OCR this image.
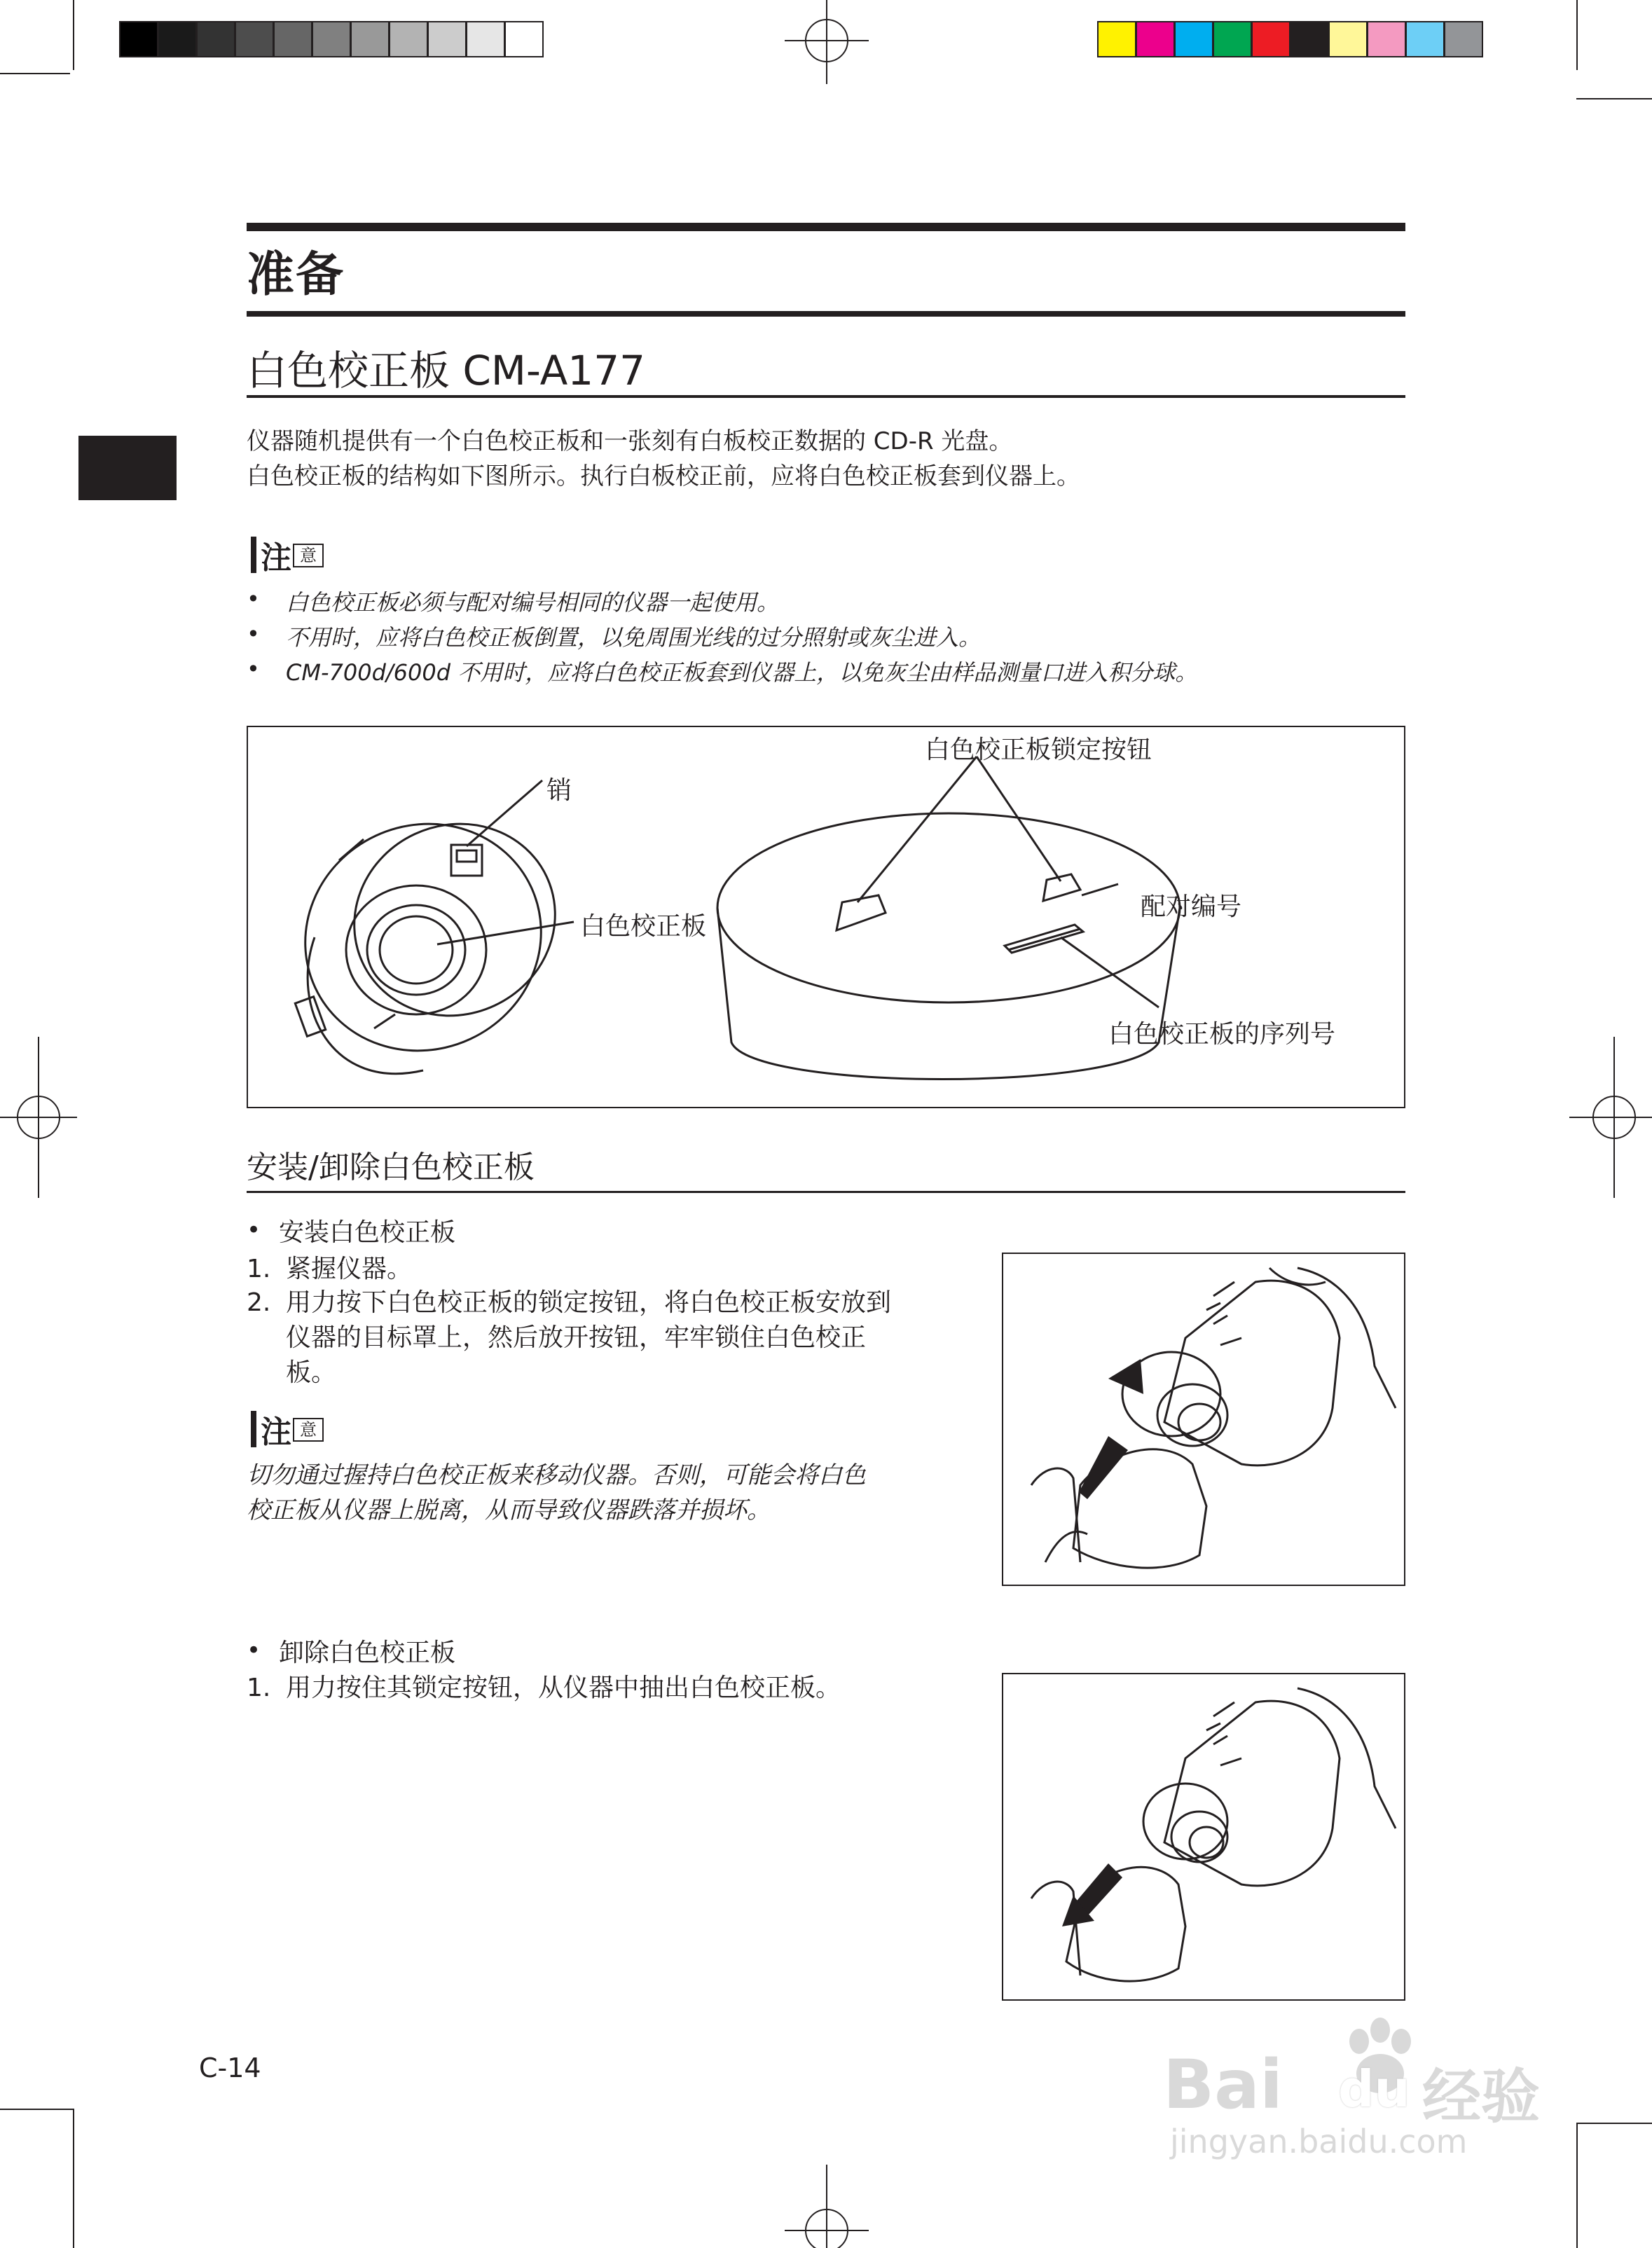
准备
白色校正板 CM-A177
仪器随机提供有一个白色校正板和一张刻有白板校正数据的 CD-R 光盘。
白色校正板的结构如下图所示。执行白板校正前，应将白色校正板套到仪器上。
注 意
• 白色校正板必须与配对编号相同的仪器一起使用。
• 不用时，应将白色校正板倒置，以免周围光线的过分照射或灰尘进入。
• CM-700d/600d 不用时，应将白色校正板套到仪器上，以免灰尘由样品测量口进入积分球。
销
白色校正板
白色校正板锁定按钮
配对编号
白色校正板的序列号
安装/卸除白色校正板
• 安装白色校正板
1. 紧握仪器。
2. 用力按下白色校正板的锁定按钮，将白色校正板安放到
仪器的目标罩上，然后放开按钮，牢牢锁住白色校正
板。
注 意
切勿通过握持白色校正板来移动仪器。否则，可能会将白色
校正板从仪器上脱离，从而导致仪器跌落并损坏。
• 卸除白色校正板
1. 用力按住其锁定按钮，从仪器中抽出白色校正板。
C-14	Bai du 经验
jingyan.baidu.com
